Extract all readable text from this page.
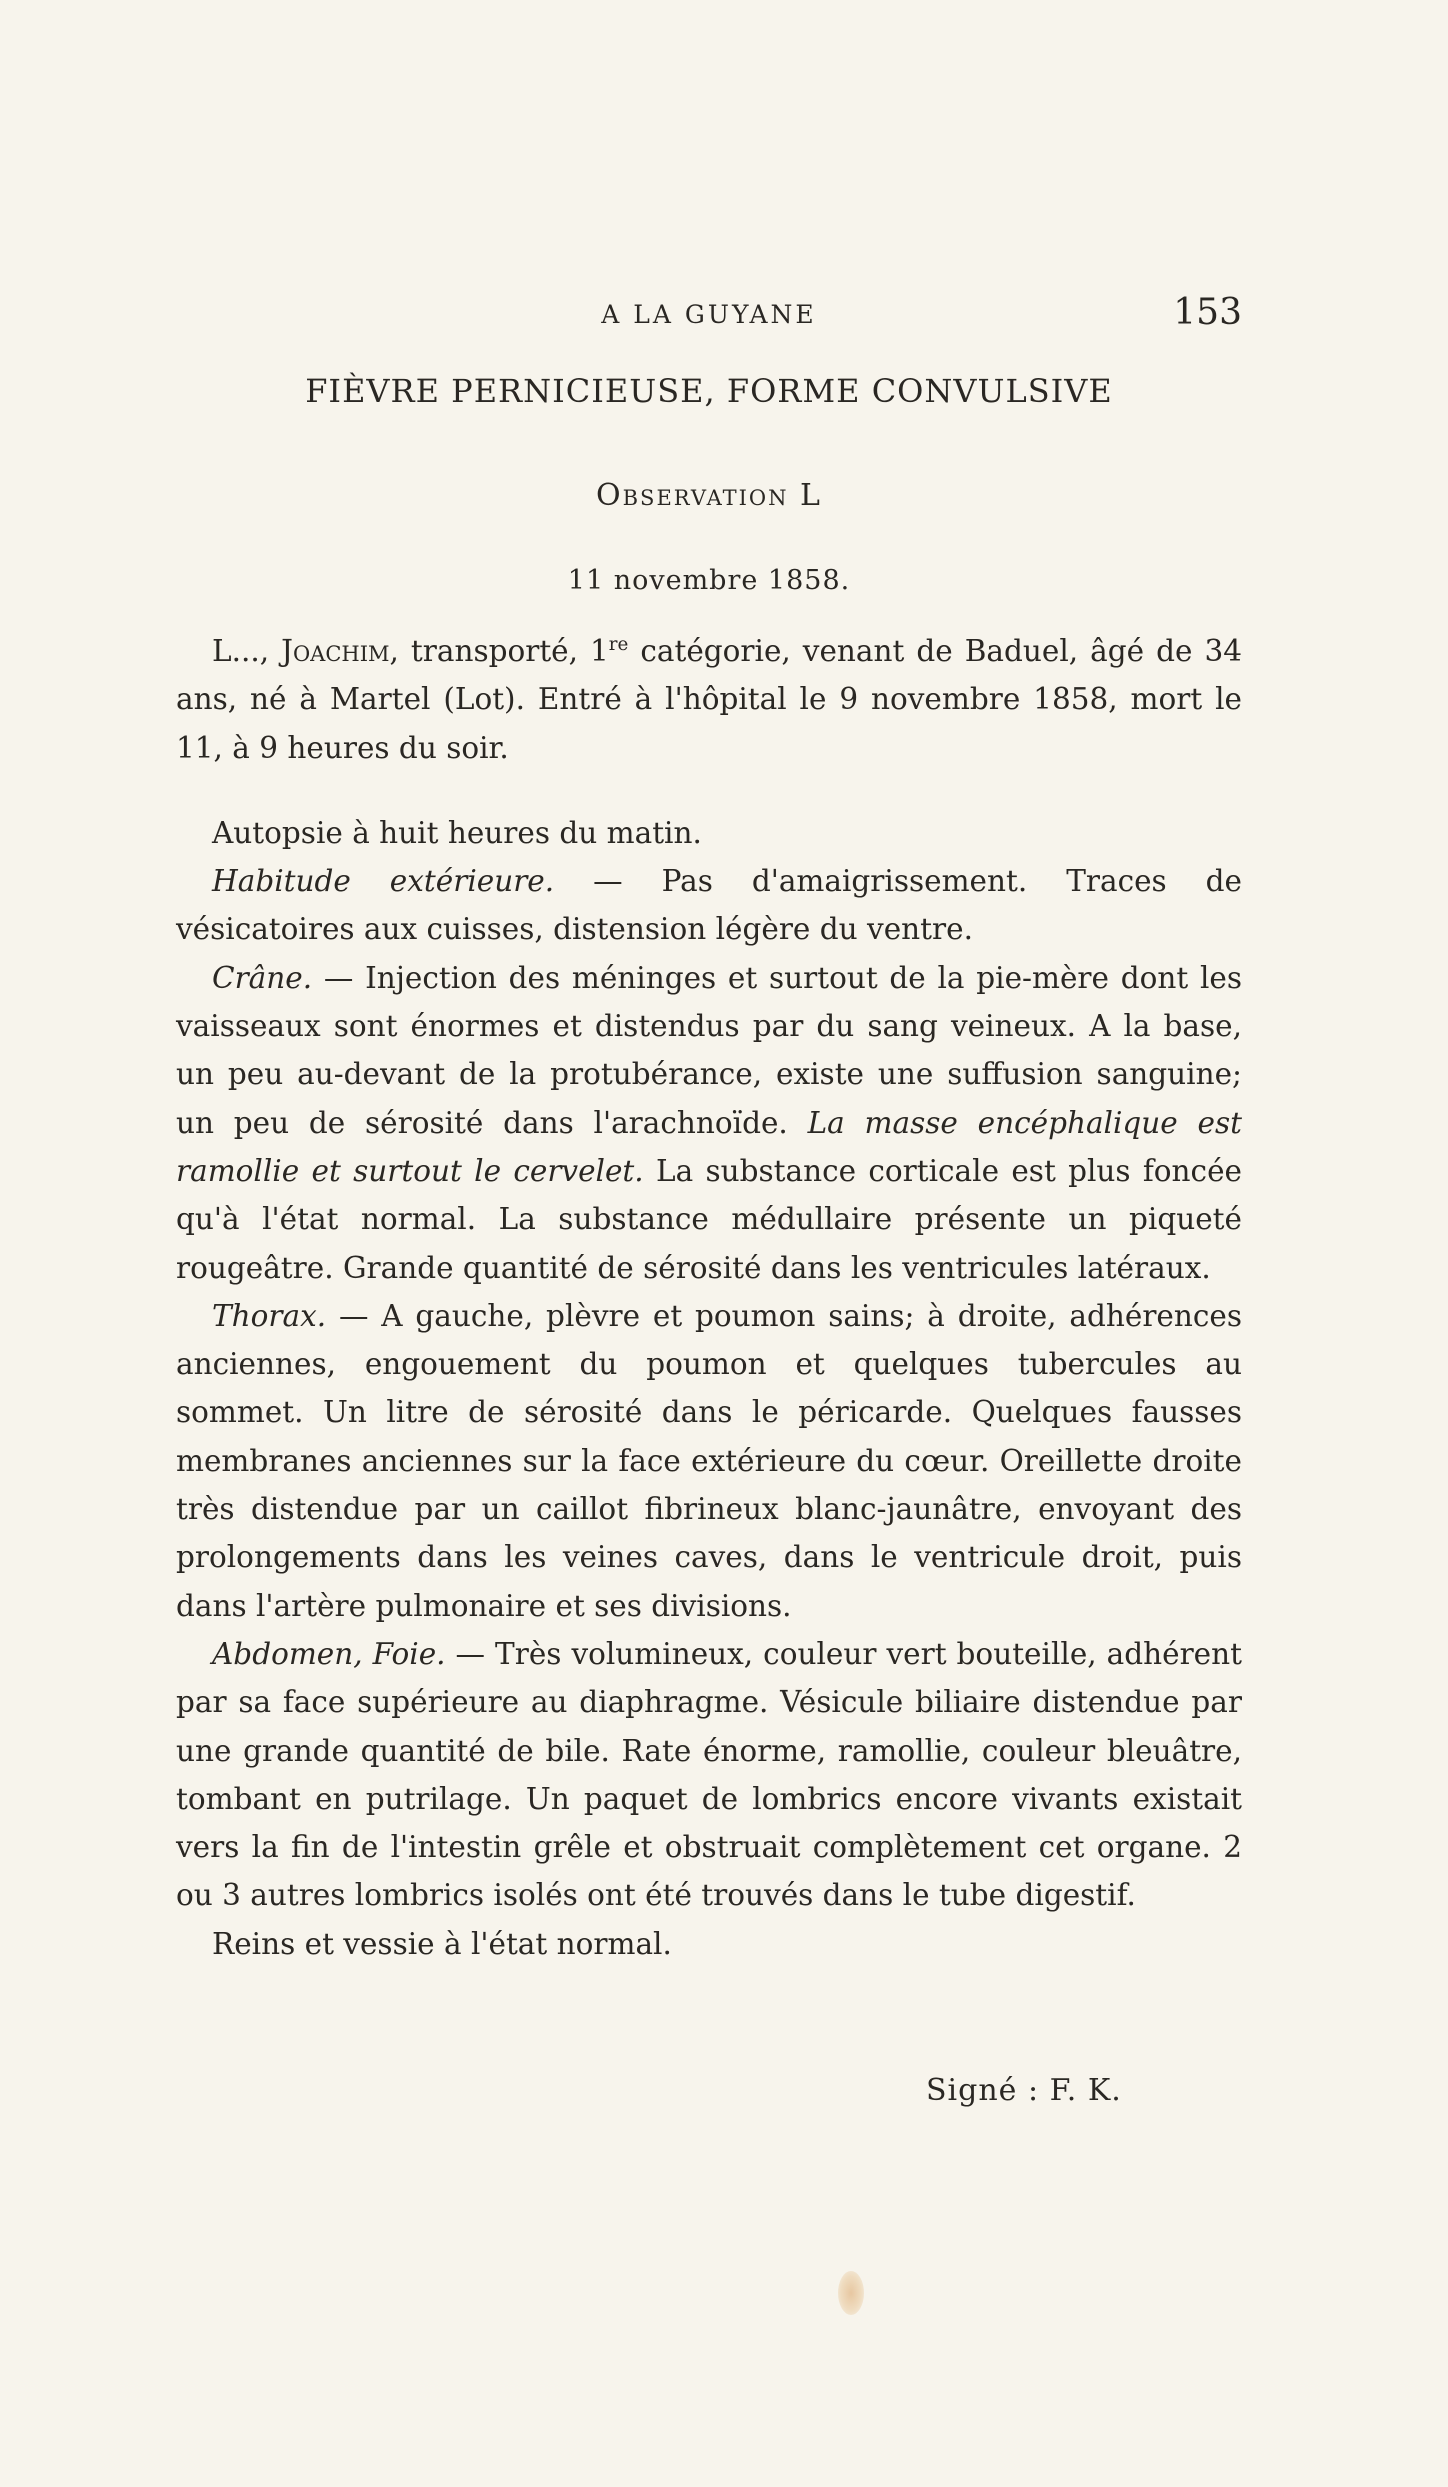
A LA GUYANE	153
FIÈVRE PERNICIEUSE, FORME CONVULSIVE
Observation L
11 novembre 1858.

L..., Joachim, transporté, 1re catégorie, venant de Baduel, âgé de 34 ans, né à Martel (Lot). Entré à l'hôpital le 9 novembre 1858, mort le 11, à 9 heures du soir.

Autopsie à huit heures du matin.

Habitude extérieure. — Pas d'amaigrissement. Traces de vésicatoires aux cuisses, distension légère du ventre.

Crâne. — Injection des méninges et surtout de la pie-mère dont les vaisseaux sont énormes et distendus par du sang veineux. A la base, un peu au-devant de la protubérance, existe une suffusion sanguine; un peu de sérosité dans l'arachnoïde. La masse encéphalique est ramollie et surtout le cervelet. La substance corticale est plus foncée qu'à l'état normal. La substance médullaire présente un piqueté rougeâtre. Grande quantité de sérosité dans les ventricules latéraux.

Thorax. — A gauche, plèvre et poumon sains; à droite, adhérences anciennes, engouement du poumon et quelques tubercules au sommet. Un litre de sérosité dans le péricarde. Quelques fausses membranes anciennes sur la face extérieure du cœur. Oreillette droite très distendue par un caillot fibrineux blanc-jaunâtre, envoyant des prolongements dans les veines caves, dans le ventricule droit, puis dans l'artère pulmonaire et ses divisions.

Abdomen, Foie. — Très volumineux, couleur vert bouteille, adhérent par sa face supérieure au diaphragme. Vésicule biliaire distendue par une grande quantité de bile. Rate énorme, ramollie, couleur bleuâtre, tombant en putrilage. Un paquet de lombrics encore vivants existait vers la fin de l'intestin grêle et obstruait complètement cet organe. 2 ou 3 autres lombrics isolés ont été trouvés dans le tube digestif.

Reins et vessie à l'état normal.

Signé : F. K.
